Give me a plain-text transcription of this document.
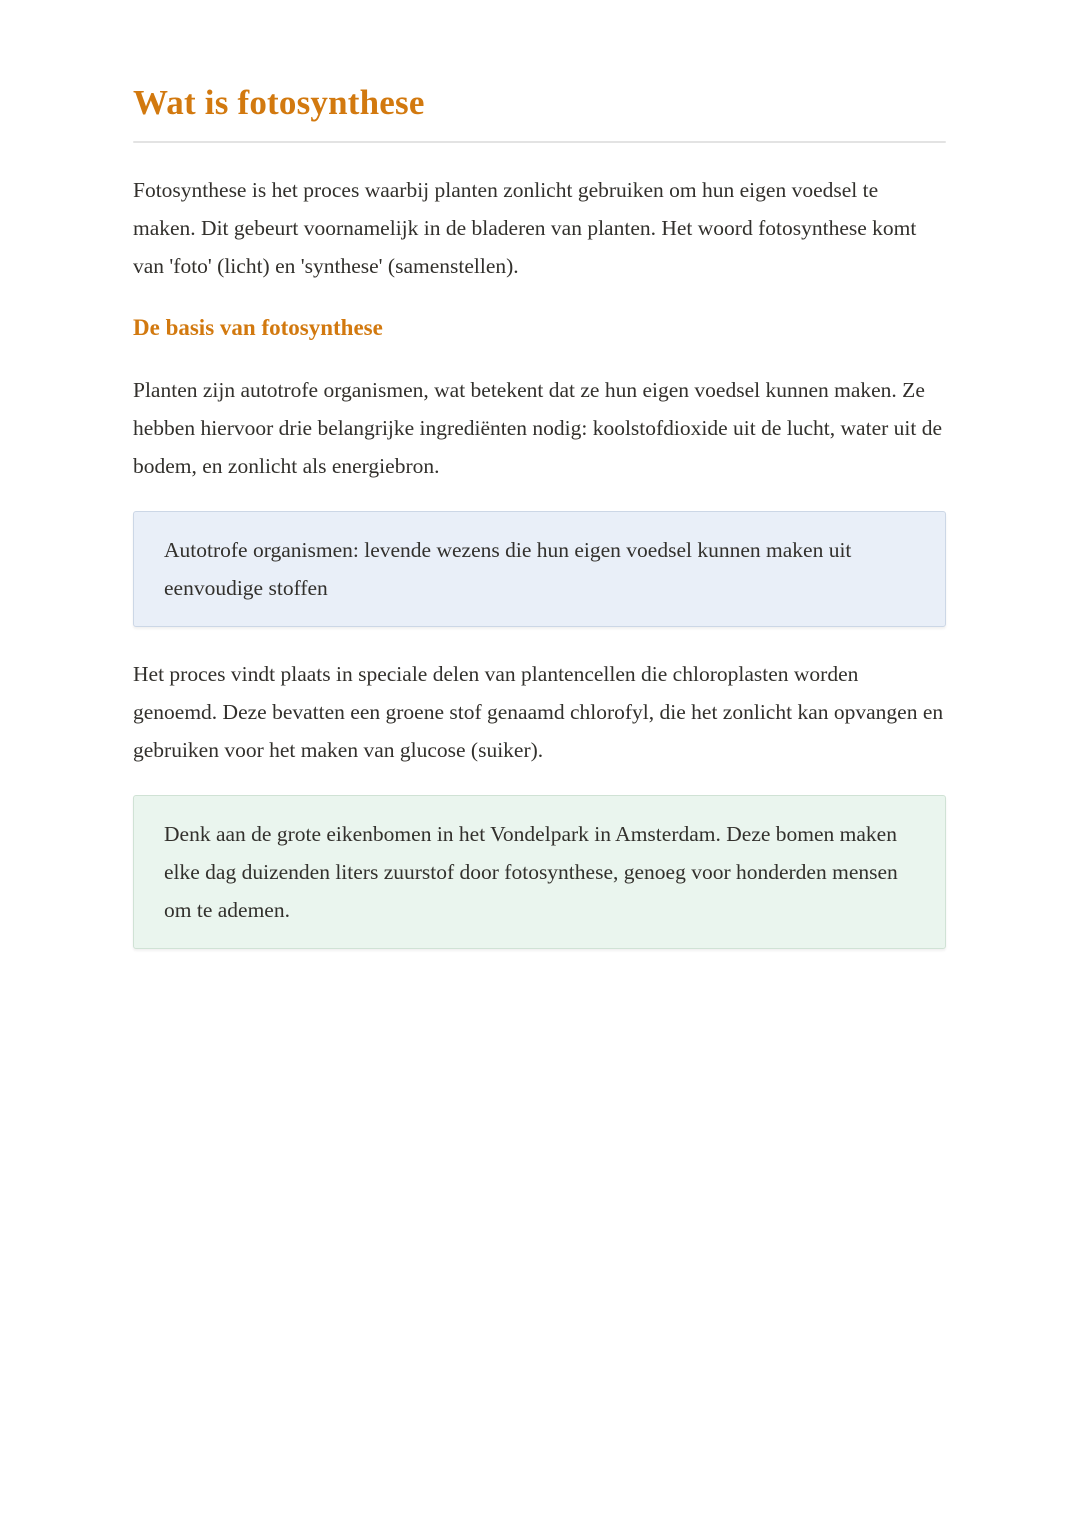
Wat is fotosynthese

Fotosynthese is het proces waarbij planten zonlicht gebruiken om hun eigen voedsel te maken. Dit gebeurt voornamelijk in de bladeren van planten. Het woord fotosynthese komt van 'foto' (licht) en 'synthese' (samenstellen).

De basis van fotosynthese

Planten zijn autotrofe organismen, wat betekent dat ze hun eigen voedsel kunnen maken. Ze hebben hiervoor drie belangrijke ingrediënten nodig: koolstofdioxide uit de lucht, water uit de bodem, en zonlicht als energiebron.

Autotrofe organismen: levende wezens die hun eigen voedsel kunnen maken uit eenvoudige stoffen

Het proces vindt plaats in speciale delen van plantencellen die chloroplasten worden genoemd. Deze bevatten een groene stof genaamd chlorofyl, die het zonlicht kan opvangen en gebruiken voor het maken van glucose (suiker).

Denk aan de grote eikenbomen in het Vondelpark in Amsterdam. Deze bomen maken elke dag duizenden liters zuurstof door fotosynthese, genoeg voor honderden mensen om te ademen.
